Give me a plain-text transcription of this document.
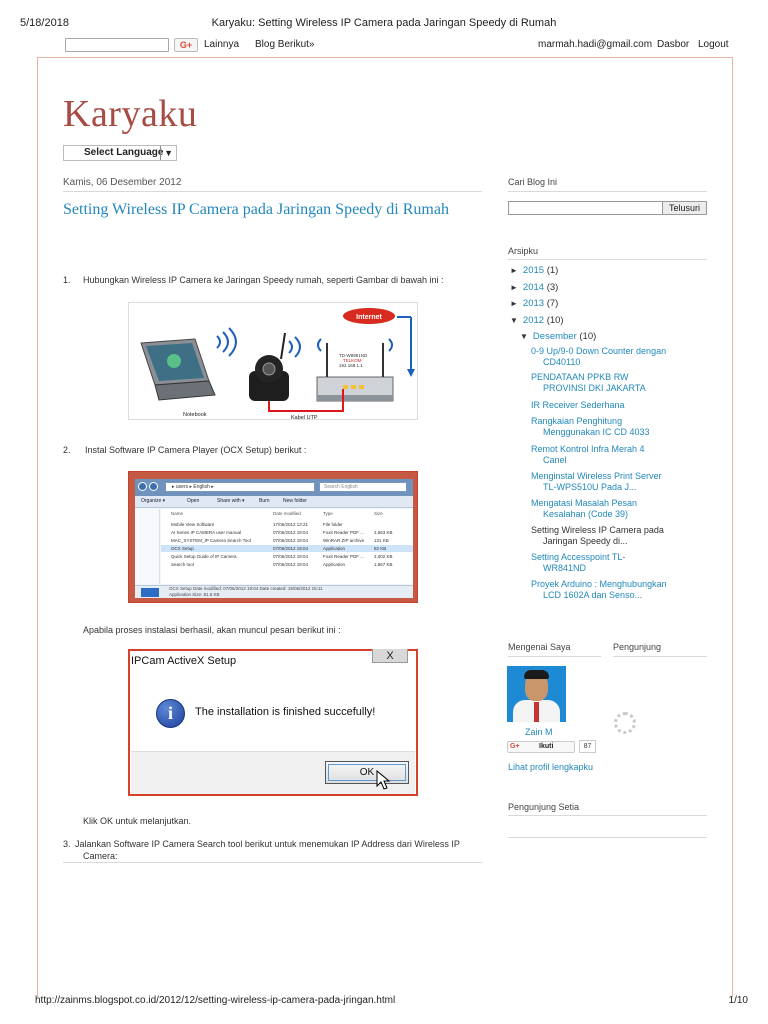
5/18/2018	Karyaku: Setting Wireless IP Camera pada Jaringan Speedy di Rumah
G+	Lainnya Blog Berikut»	marmah.hadi@gmail.com Dasbor Logout
Karyaku
Select Language ▼
Kamis, 06 Desember 2012
Setting Wireless IP Camera pada Jaringan Speedy di Rumah
1. Hubungkan Wireless IP Camera ke Jaringan Speedy rumah, seperti Gambar di bawah ini :
Internet
TD-W8951ND
TELKOM
192.168.1.1
Notebook	Kabel UTP
2. Instal Software IP Camera Player (OCX Setup) berikut :
▸ users ▸ English ▸	Search English
Organize ▾	Open	Share with ▾	Burn	New folder
Name	Date modified	Type	Size
Mobile View Software	17/06/2012 13:21	File folder
AI Series IP CAMERA user manual	07/06/2012 19:04	Foxit Reader PDF ... 2,663 KB
MAC_SYSTEM_IP Camera Search Tool	07/06/2012 19:04	WinRAR ZIP archive 131 KB
OCX Setup	07/06/2012 19:04	Application	82 KB
Quick Setup Guide of IP Camera	07/06/2012 19:04	Foxit Reader PDF ... 2,002 KB
Search tool	07/06/2012 19:04	Application	1,867 KB
OCX Setup Date modified: 07/06/2012 19:04 Date created: 15/06/2012 15:11
Application Size: 81.6 KB
Apabila proses instalasi berhasil, akan muncul pesan berikut ini :
IPCam ActiveX Setup	X
i	The installation is finished succefully!
OK
Klik OK untuk melanjutkan.
3. Jalankan Software IP Camera Search tool berikut untuk menemukan IP Address dari Wireless IP
Camera:
Cari Blog Ini
Telusuri
Arsipku
► 2015 (1)
► 2014 (3)
► 2013 (7)
▼ 2012 (10)
▼ Desember (10)
0-9 Up/9-0 Down Counter dengan
CD40110
PENDATAAN PPKB RW
PROVINSI DKI JAKARTA
IR Receiver Sederhana
Rangkaian Penghitung
Menggunakan IC CD 4033
Remot Kontrol Infra Merah 4
Canel
Menginstal Wireless Print Server
TL-WPS510U Pada J...
Mengatasi Masalah Pesan
Kesalahan (Code 39)
Setting Wireless IP Camera pada
Jaringan Speedy di...
Setting Accesspoint TL-
WR841ND
Proyek Arduino : Menghubungkan
LCD 1602A dan Senso...
Mengenai Saya	Pengunjung
Zain M
G+	Ikuti	87
Lihat profil lengkapku
Pengunjung Setia
http://zainms.blogspot.co.id/2012/12/setting-wireless-ip-camera-pada-jringan.html	1/10
